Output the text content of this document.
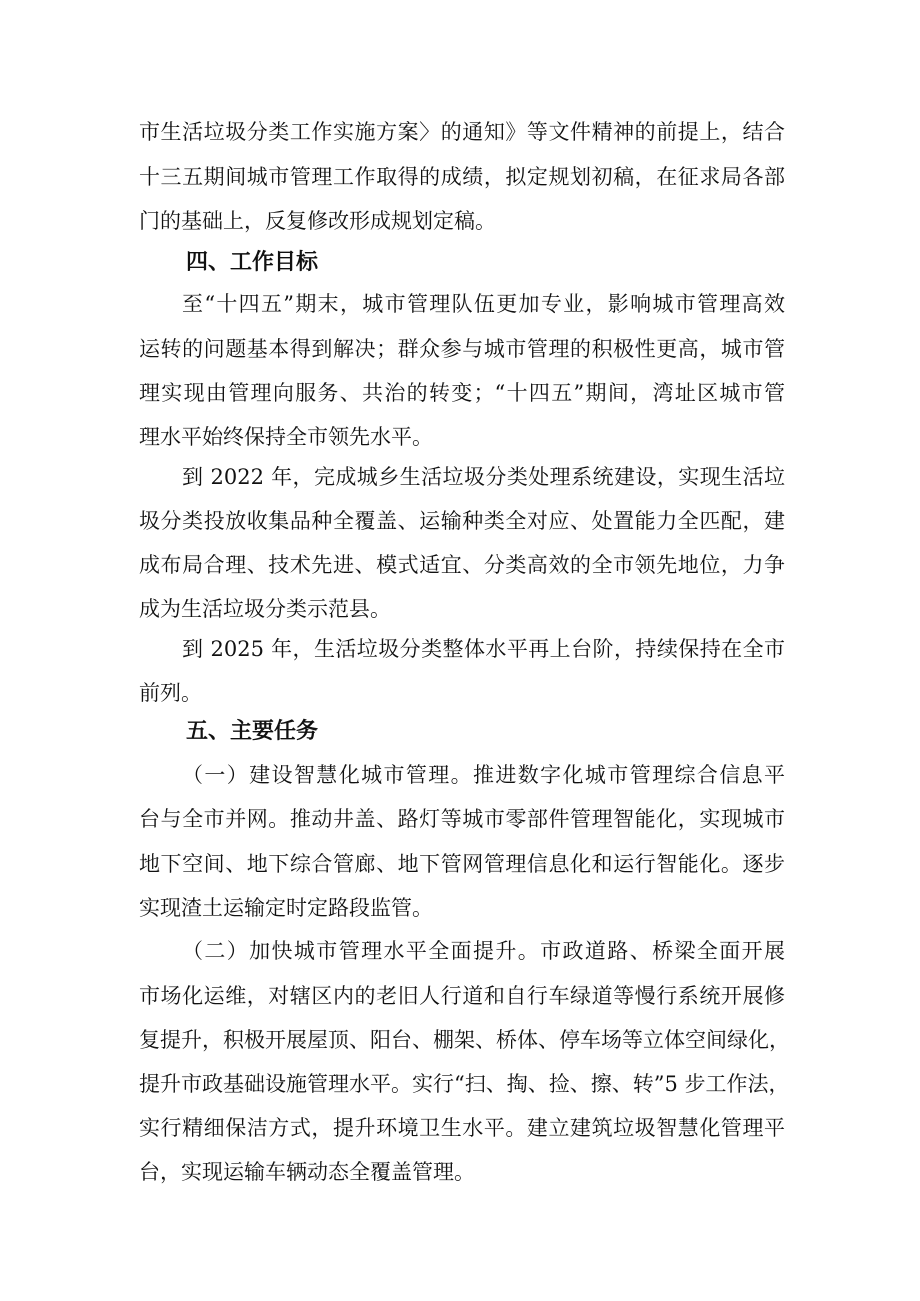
市生活垃圾分类工作实施方案〉的通知》等文件精神的前提上，结合
十三五期间城市管理工作取得的成绩，拟定规划初稿，在征求局各部
门的基础上，反复修改形成规划定稿。
四、工作目标
至“十四五”期末，城市管理队伍更加专业，影响城市管理高效
运转的问题基本得到解决；群众参与城市管理的积极性更高，城市管
理实现由管理向服务、共治的转变；“十四五”期间，湾址区城市管
理水平始终保持全市领先水平。
到 2022 年，完成城乡生活垃圾分类处理系统建设，实现生活垃
圾分类投放收集品种全覆盖、运输种类全对应、处置能力全匹配，建
成布局合理、技术先进、模式适宜、分类高效的全市领先地位，力争
成为生活垃圾分类示范县。
到 2025 年，生活垃圾分类整体水平再上台阶，持续保持在全市
前列。
五、主要任务
（一）建设智慧化城市管理。推进数字化城市管理综合信息平
台与全市并网。推动井盖、路灯等城市零部件管理智能化，实现城市
地下空间、地下综合管廊、地下管网管理信息化和运行智能化。逐步
实现渣土运输定时定路段监管。
（二）加快城市管理水平全面提升。市政道路、桥梁全面开展
市场化运维，对辖区内的老旧人行道和自行车绿道等慢行系统开展修
复提升，积极开展屋顶、阳台、棚架、桥体、停车场等立体空间绿化，
提升市政基础设施管理水平。实行“扫、掏、捡、擦、转”5 步工作法，
实行精细保洁方式，提升环境卫生水平。建立建筑垃圾智慧化管理平
台，实现运输车辆动态全覆盖管理。
